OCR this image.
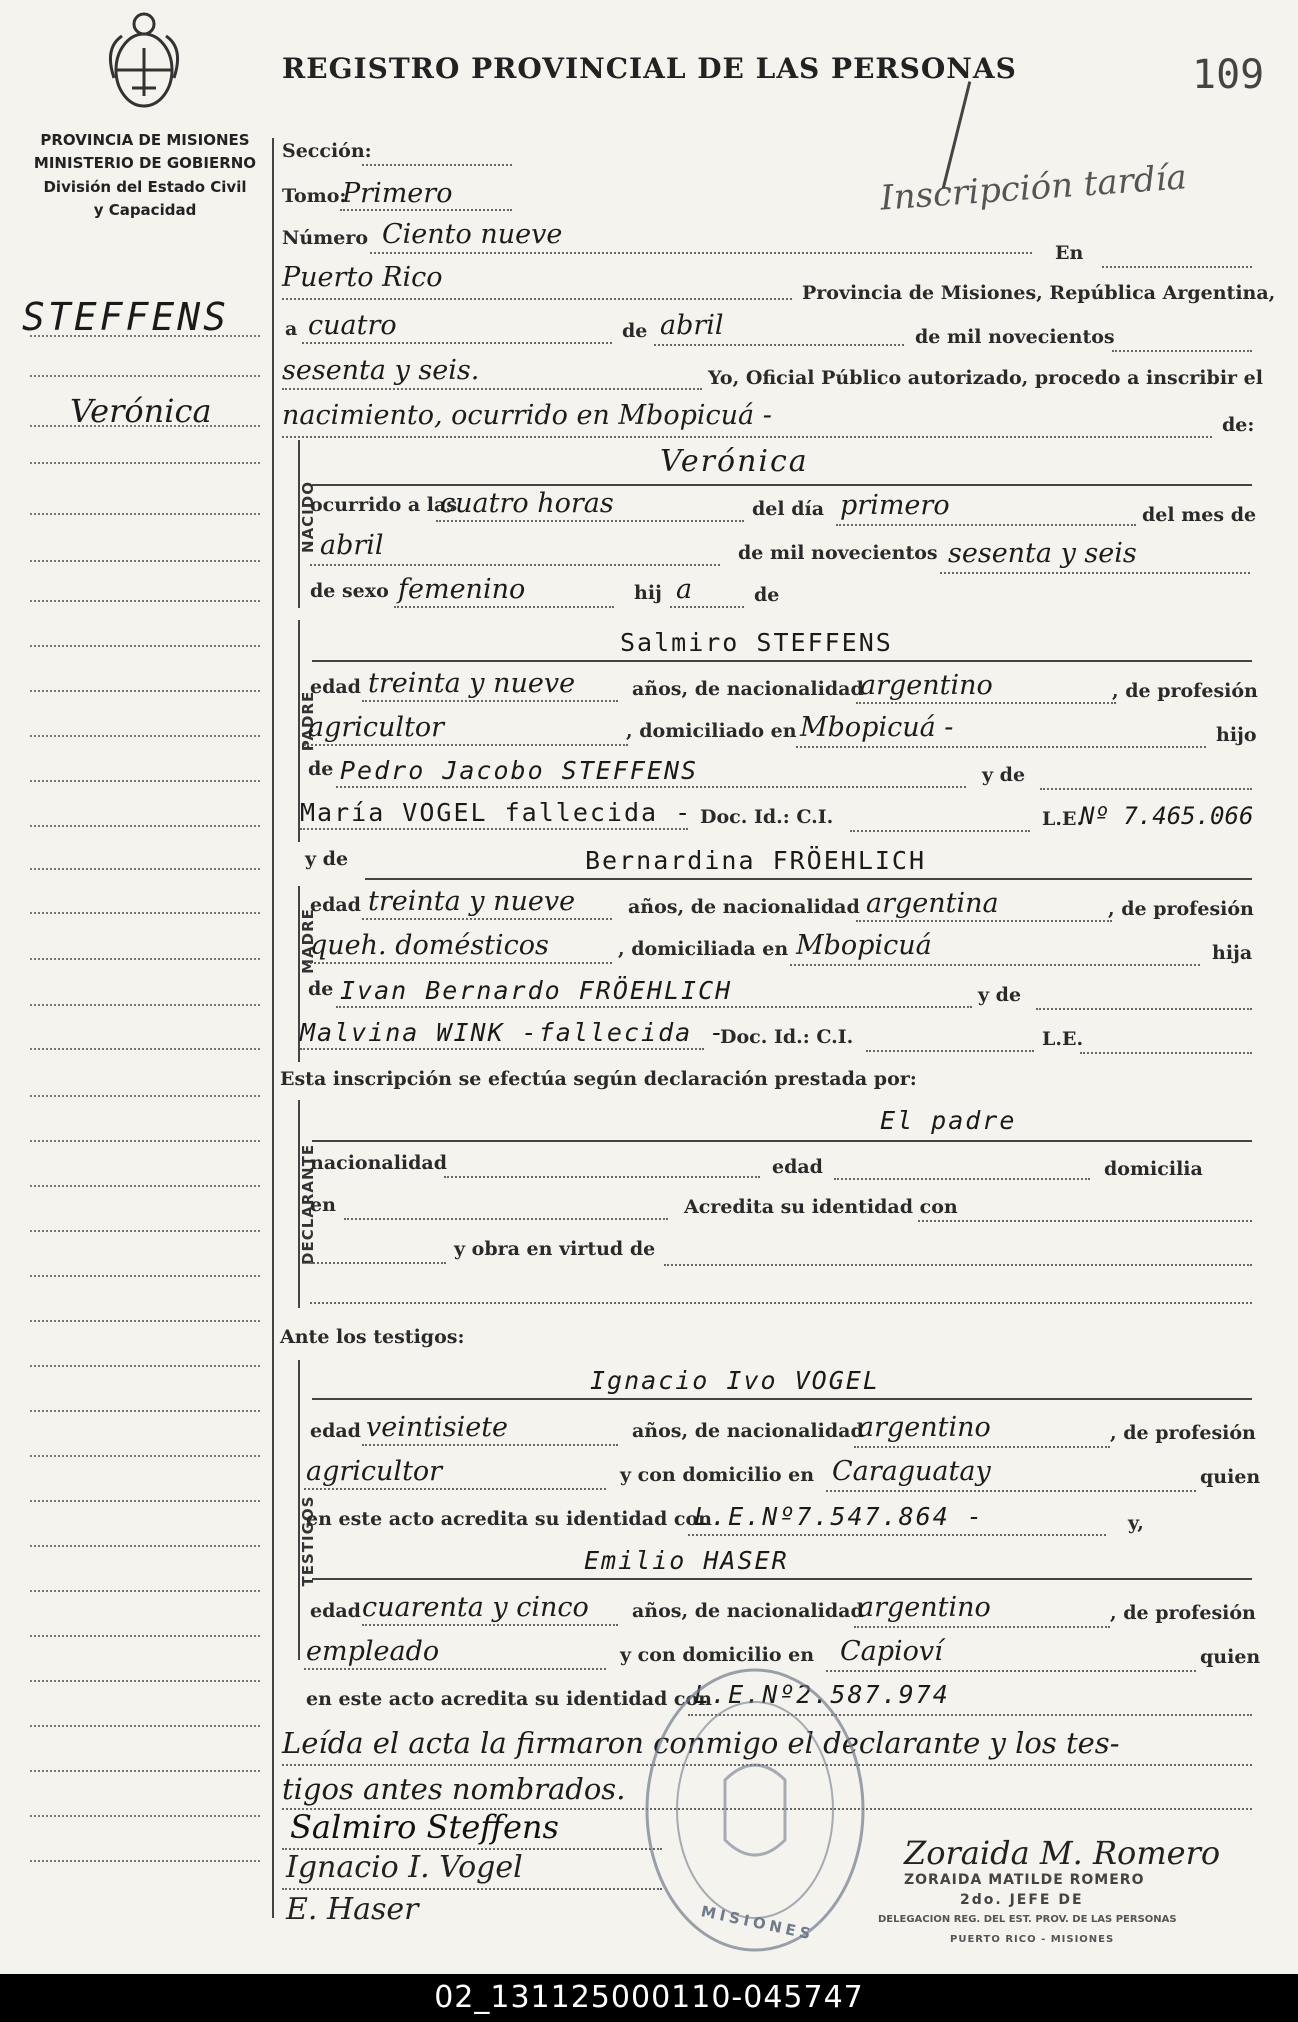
REGISTRO PROVINCIAL DE LAS PERSONAS	109
Inscripción tardía
PROVINCIA DE MISIONES
MINISTERIO DE GOBIERNO
División del Estado Civil
y Capacidad
STEFFENS
Verónica
Sección:
Tomo:
Primero
Número Ciento nueve
En
Puerto Rico	Provincia de Misiones, República Argentina,
a cuatro	de abril	de mil novecientos
sesenta y seis.	Yo, Oficial Público autorizado, procedo a inscribir el
nacimiento, ocurrido en Mbopicuá -	de:
NACIDO
Verónica
ocurrido a las
cuatro horas	del día primero	del mes de
abril	de mil novecientos sesenta y seis
de sexo femenino	hij a	de
PADRE
Salmiro STEFFENS
edad treinta y nueve	años, de nacionalidad
argentino	, de profesión
agricultor	, domiciliado en Mbopicuá -	hijo
de Pedro Jacobo STEFFENS	y de
María VOGEL fallecida - Doc. Id.: C.I.	L.E.
Nº 7.465.066
y de	Bernardina FRÖEHLICH
MADRE
edad treinta y nueve	años, de nacionalidad argentina	, de profesión
queh. domésticos	, domiciliada en Mbopicuá	hija
de Ivan Bernardo FRÖEHLICH	y de
Malvina WINK -fallecida -
Doc. Id.: C.I.	L.E.
Esta inscripción se efectúa según declaración prestada por:
DECLARANTE
El padre
nacionalidad	edad	domicilia
en	Acredita su identidad con
y obra en virtud de
Ante los testigos:
TESTIGOS
Ignacio Ivo VOGEL
edad veintisiete	años, de nacionalidad
argentino	, de profesión
agricultor	y con domicilio en Caraguatay	quien
en este acto acredita su identidad con
L.E.Nº7.547.864 -	y,
Emilio HASER
edad cuarenta y cinco años, de nacionalidad
argentino	, de profesión
empleado	y con domicilio en Capioví	quien
en este acto acredita su identidad con
L.E.Nº2.587.974
Leída el acta la firmaron conmigo el declarante y los tes-
tigos antes nombrados.
Salmiro Steffens
Ignacio I. Vogel
E. Haser	MISIONES
Zoraida M. Romero
ZORAIDA MATILDE ROMERO
2do. JEFE DE
DELEGACION REG. DEL EST. PROV. DE LAS PERSONAS
PUERTO RICO - MISIONES
02_131125000110-045747
